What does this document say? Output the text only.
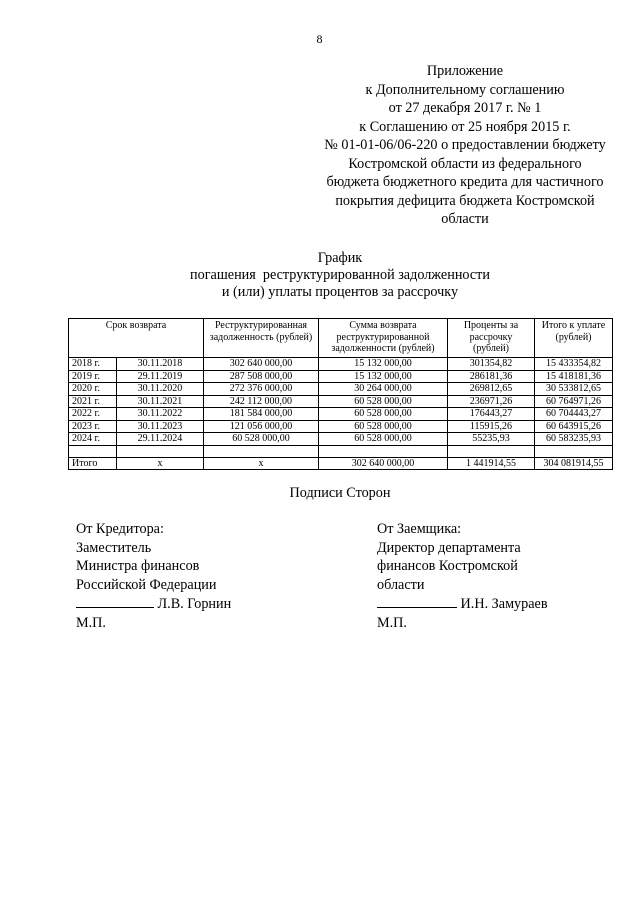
8
Приложение
к Дополнительному соглашению
от 27 декабря 2017 г. № 1
к Соглашению от 25 ноября 2015 г.
№ 01-01-06/06-220 о предоставлении бюджету
Костромской области из федерального
бюджета бюджетного кредита для частичного
покрытия дефицита бюджета Костромской
области
График
погашения  реструктурированной задолженности
и (или) уплаты процентов за рассрочку
Срок возврата		Реструктурированная задолженность (рублей)	Сумма возврата реструктурированной задолженности (рублей)	Проценты за рассрочку (рублей)	Итого к уплате (рублей)
2018 г.	30.11.2018	302 640 000,00	15 132 000,00	301354,82	15 433354,82
2019 г.	29.11.2019	287 508 000,00	15 132 000,00	286181,36	15 418181,36
2020 г.	30.11.2020	272 376 000,00	30 264 000,00	269812,65	30 533812,65
2021 г.	30.11.2021	242 112 000,00	60 528 000,00	236971,26	60 764971,26
2022 г.	30.11.2022	181 584 000,00	60 528 000,00	176443,27	60 704443,27
2023 г.	30.11.2023	121 056 000,00	60 528 000,00	115915,26	60 643915,26
2024 г.	29.11.2024	60 528 000,00	60 528 000,00	55235,93	60 583235,93

Итого	х	х	302 640 000,00	1 441914,55	304 081914,55
Подписи Сторон
От Кредитора:
Заместитель
Министра финансов
Российской Федерации
Л.В. Горнин
М.П.
От Заемщика:
Директор департамента
финансов Костромской
области
И.Н. Замураев
М.П.
